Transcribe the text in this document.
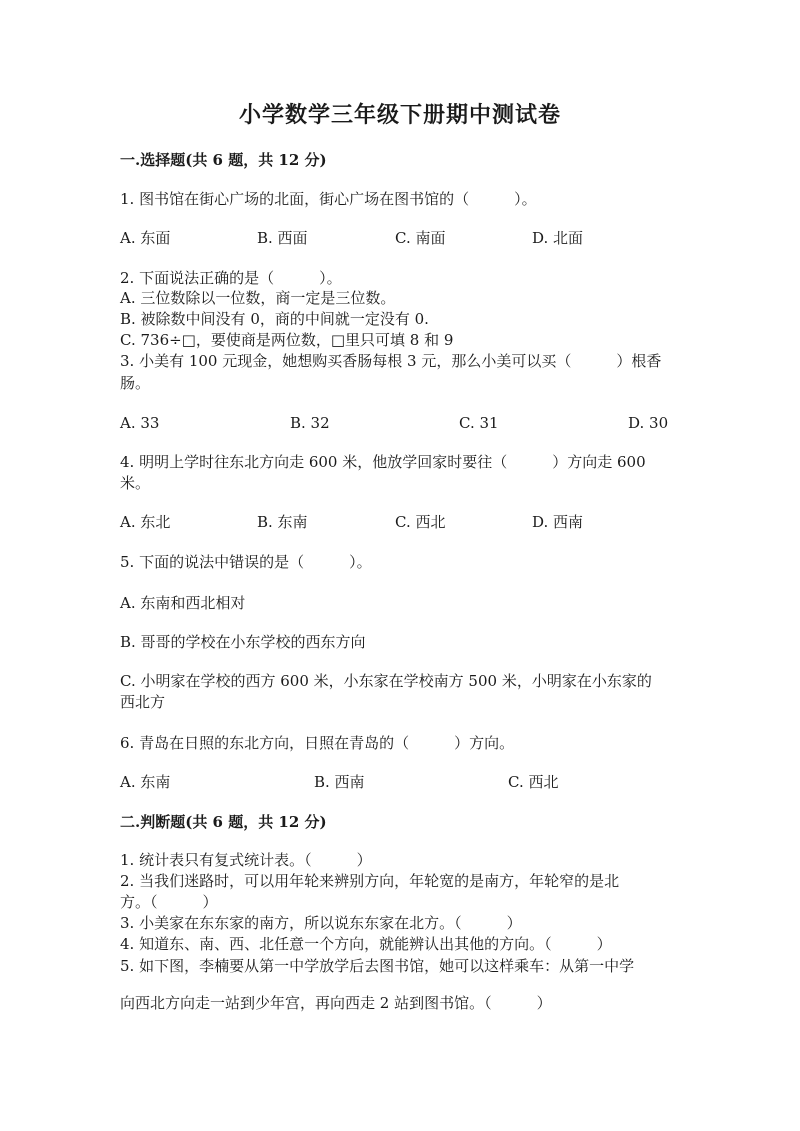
小学数学三年级下册期中测试卷
一.选择题(共 6 题，共 12 分)
1. 图书馆在街心广场的北面，街心广场在图书馆的（　　　）。
A. 东面	B. 西面	C. 南面	D. 北面
2. 下面说法正确的是（　　　）。
A. 三位数除以一位数，商一定是三位数。
B. 被除数中间没有 0，商的中间就一定没有 0.
C. 736÷□，要使商是两位数，□里只可填 8 和 9
3. 小美有 100 元现金，她想购买香肠每根 3 元，那么小美可以买（　　　）根香
肠。
A. 33	B. 32	C. 31	D. 30
4. 明明上学时往东北方向走 600 米，他放学回家时要往（　　　）方向走 600
米。
A. 东北	B. 东南	C. 西北	D. 西南
5. 下面的说法中错误的是（　　　）。
A. 东南和西北相对
B. 哥哥的学校在小东学校的西东方向
C. 小明家在学校的西方 600 米，小东家在学校南方 500 米，小明家在小东家的
西北方
6. 青岛在日照的东北方向，日照在青岛的（　　　）方向。
A. 东南	B. 西南	C. 西北
二.判断题(共 6 题，共 12 分)
1. 统计表只有复式统计表。（　　　）
2. 当我们迷路时，可以用年轮来辨别方向，年轮宽的是南方，年轮窄的是北
方。（　　　）
3. 小美家在东东家的南方，所以说东东家在北方。（　　　）
4. 知道东、南、西、北任意一个方向，就能辨认出其他的方向。（　　　）
5. 如下图，李楠要从第一中学放学后去图书馆，她可以这样乘车：从第一中学
向西北方向走一站到少年宫，再向西走 2 站到图书馆。（　　　）
